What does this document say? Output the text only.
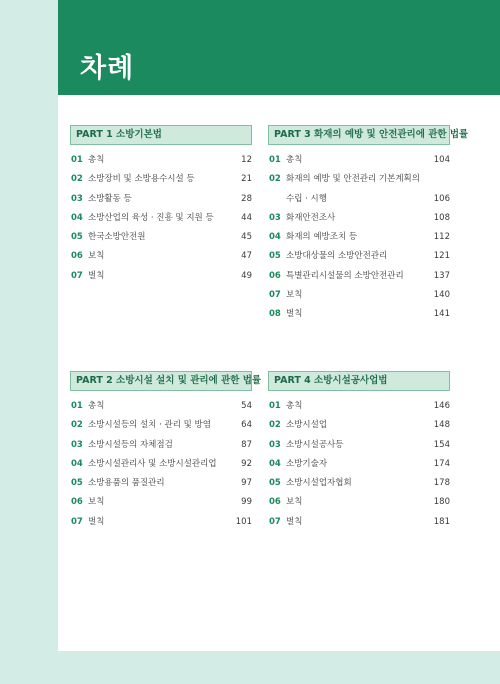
차례
PART 1 소방기본법
01 총칙	12
02 소방장비 및 소방용수시설 등	21
03 소방활동 등	28
04 소방산업의 육성 · 진흥 및 지원 등	44
05 한국소방안전원	45
06 보칙	47
07 벌칙	49
PART 3 화재의 예방 및 안전관리에 관한 법률
01 총칙	104
02 화재의 예방 및 안전관리 기본계획의
수립 · 시행	106
03 화재안전조사	108
04 화재의 예방조치 등	112
05 소방대상물의 소방안전관리	121
06 특별관리시설물의 소방안전관리	137
07 보칙	140
08 벌칙	141
PART 2 소방시설 설치 및 관리에 관한 법률
01 총칙	54
02 소방시설등의 설치 · 관리 및 방염	64
03 소방시설등의 자체점검	87
04 소방시설관리사 및 소방시설관리업	92
05 소방용품의 품질관리	97
06 보칙	99
07 벌칙	101
PART 4 소방시설공사업법
01 총칙	146
02 소방시설업	148
03 소방시설공사등	154
04 소방기술자	174
05 소방시설업자협회	178
06 보칙	180
07 벌칙	181
